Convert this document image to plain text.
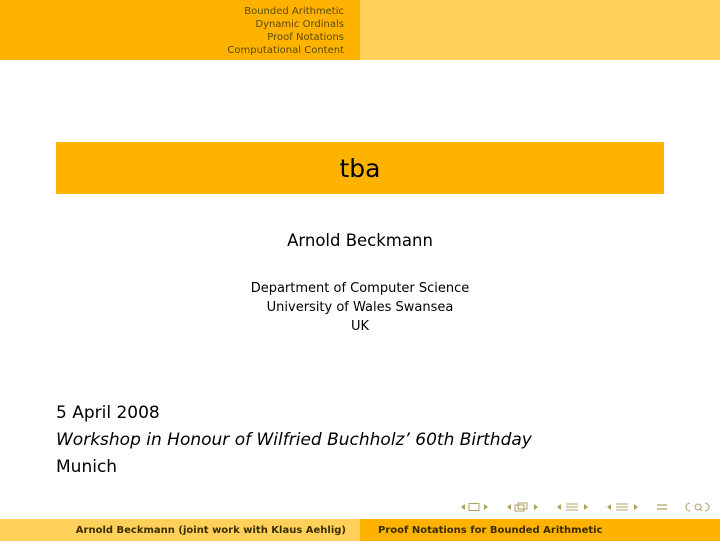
Bounded Arithmetic
Dynamic Ordinals
Proof Notations
Computational Content
tba
Arnold Beckmann
Department of Computer Science
University of Wales Swansea
UK
5 April 2008
Workshop in Honour of Wilfried Buchholz’ 60th Birthday
Munich
Arnold Beckmann (joint work with Klaus Aehlig)	Proof Notations for Bounded Arithmetic
